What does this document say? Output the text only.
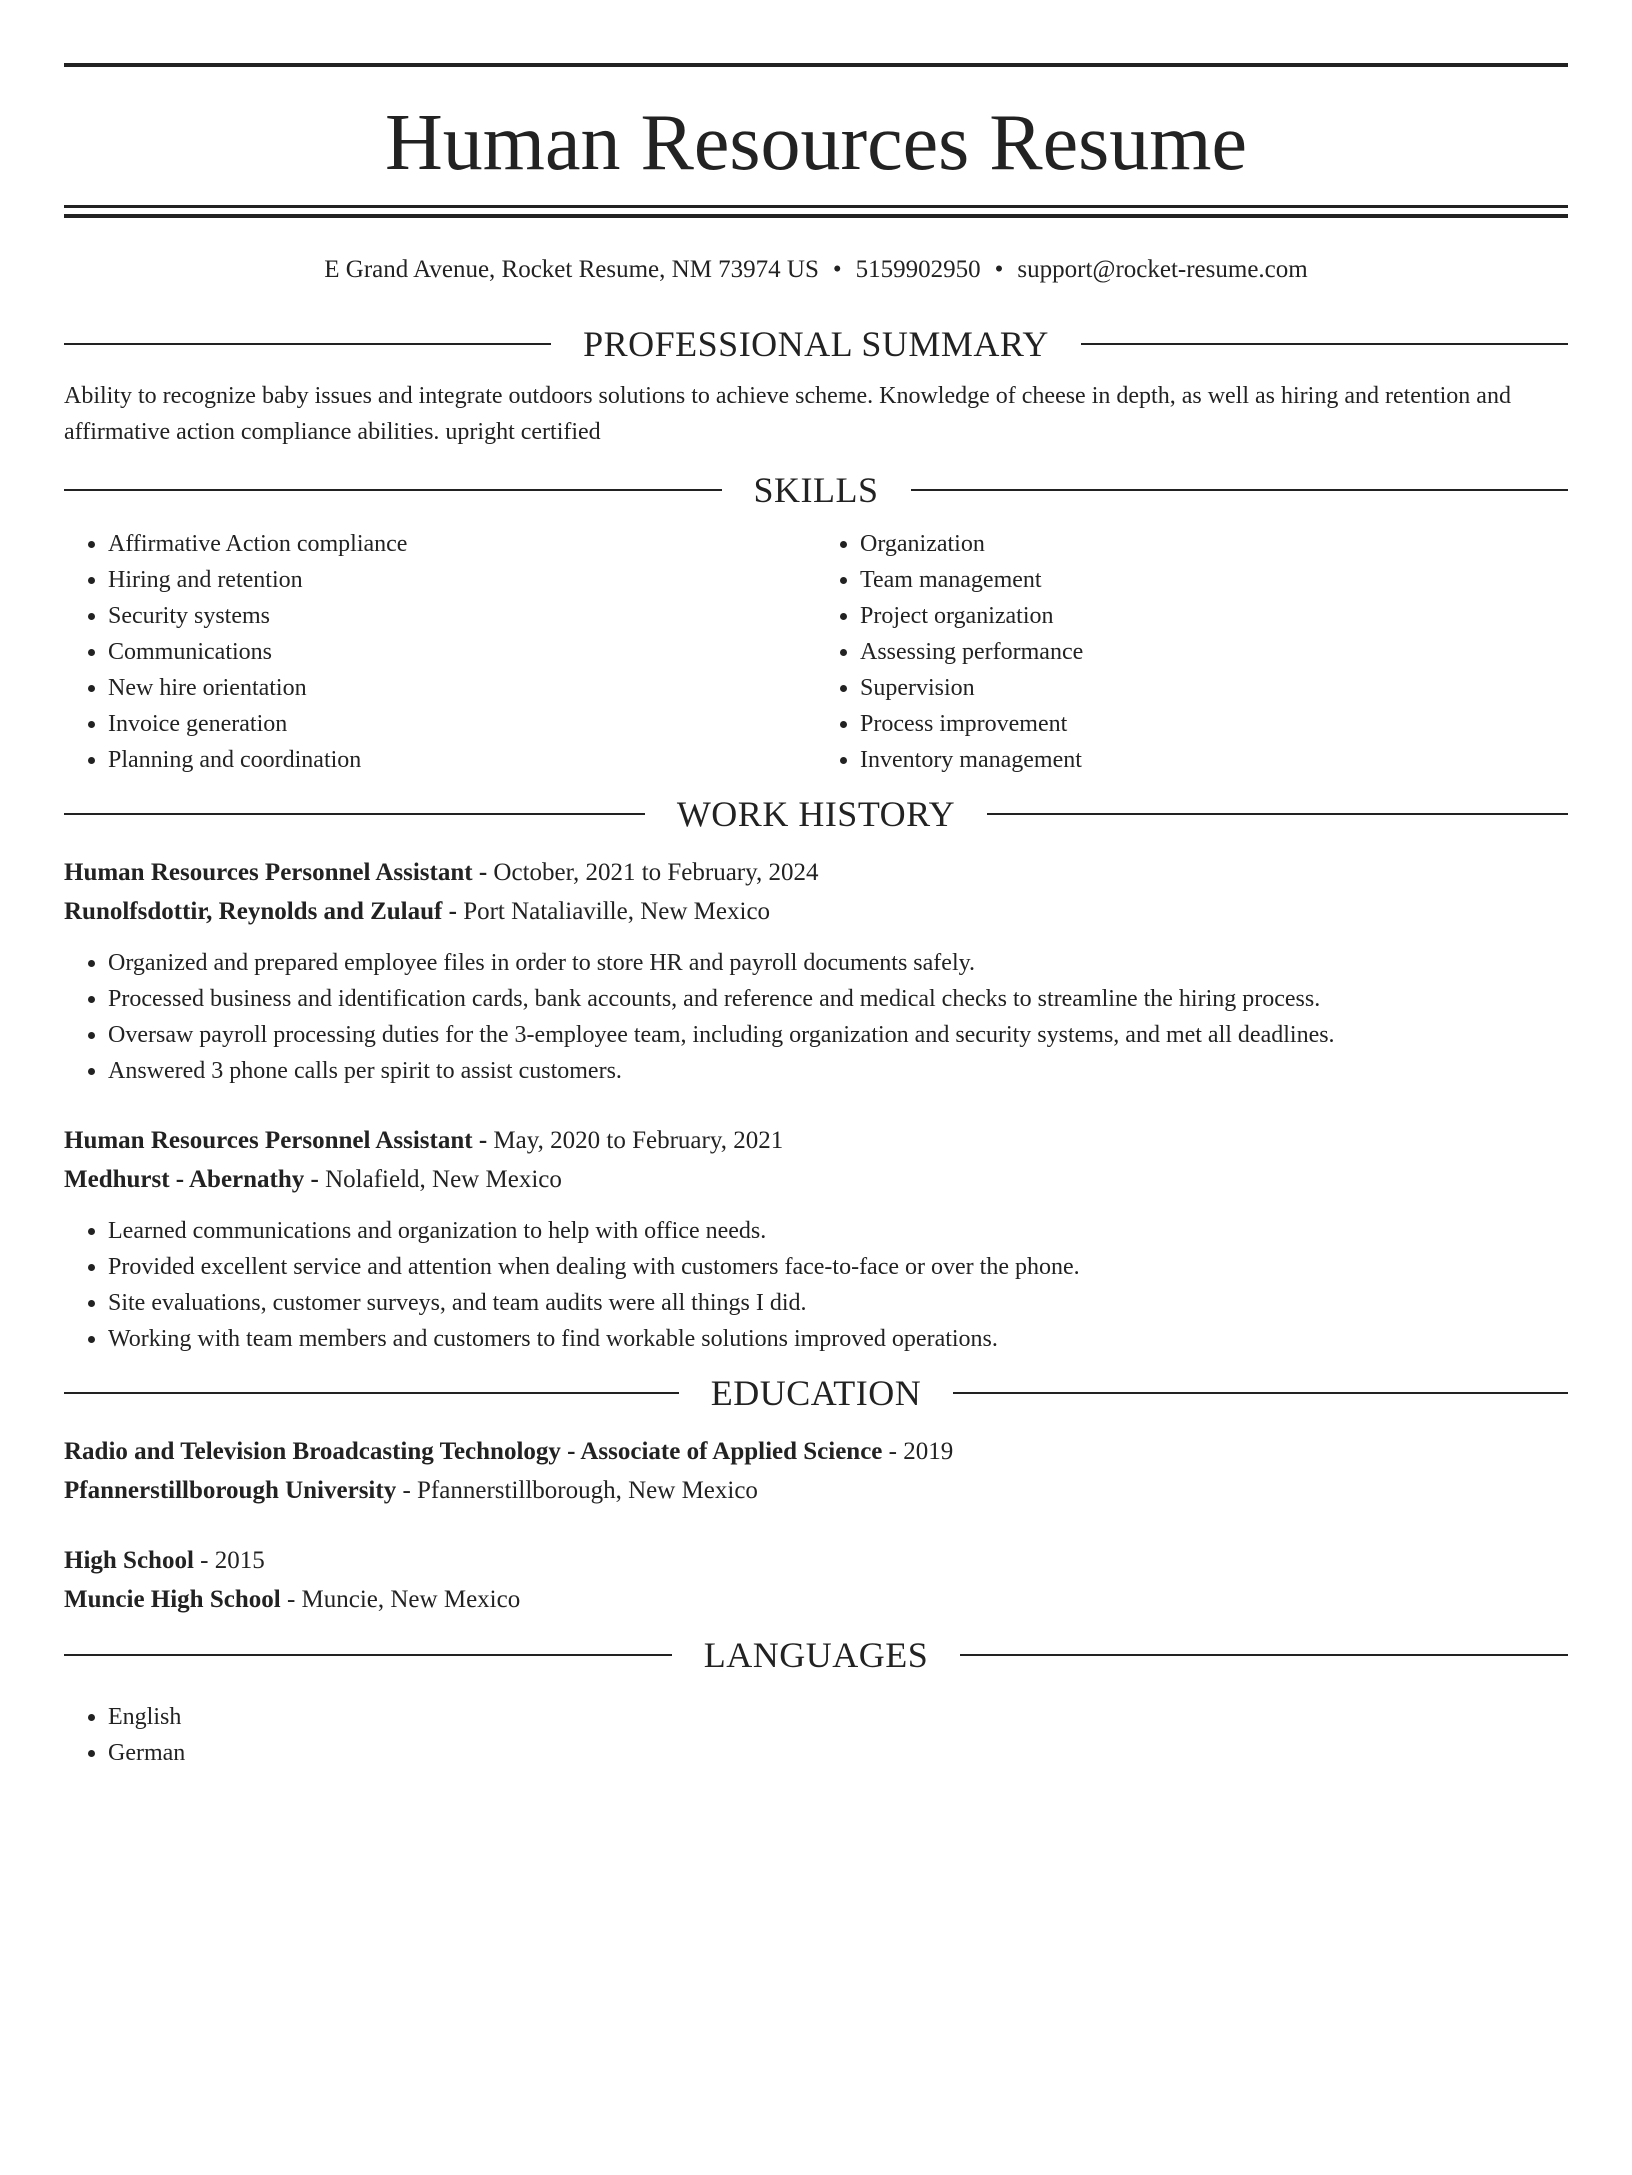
Human Resources Resume
E Grand Avenue, Rocket Resume, NM 73974 US • 5159902950 • support@rocket-resume.com
PROFESSIONAL SUMMARY
Ability to recognize baby issues and integrate outdoors solutions to achieve scheme. Knowledge of cheese in depth, as well as hiring and retention and affirmative action compliance abilities. upright certified
SKILLS
• Affirmative Action compliance
• Hiring and retention
• Security systems
• Communications
• New hire orientation
• Invoice generation
• Planning and coordination
• Organization
• Team management
• Project organization
• Assessing performance
• Supervision
• Process improvement
• Inventory management
WORK HISTORY
Human Resources Personnel Assistant - October, 2021 to February, 2024
Runolfsdottir, Reynolds and Zulauf - Port Nataliaville, New Mexico
• Organized and prepared employee files in order to store HR and payroll documents safely.
• Processed business and identification cards, bank accounts, and reference and medical checks to streamline the hiring process.
• Oversaw payroll processing duties for the 3-employee team, including organization and security systems, and met all deadlines.
• Answered 3 phone calls per spirit to assist customers.
Human Resources Personnel Assistant - May, 2020 to February, 2021
Medhurst - Abernathy - Nolafield, New Mexico
• Learned communications and organization to help with office needs.
• Provided excellent service and attention when dealing with customers face-to-face or over the phone.
• Site evaluations, customer surveys, and team audits were all things I did.
• Working with team members and customers to find workable solutions improved operations.
EDUCATION
Radio and Television Broadcasting Technology - Associate of Applied Science - 2019
Pfannerstillborough University - Pfannerstillborough, New Mexico
High School - 2015
Muncie High School - Muncie, New Mexico
LANGUAGES
• English
• German
